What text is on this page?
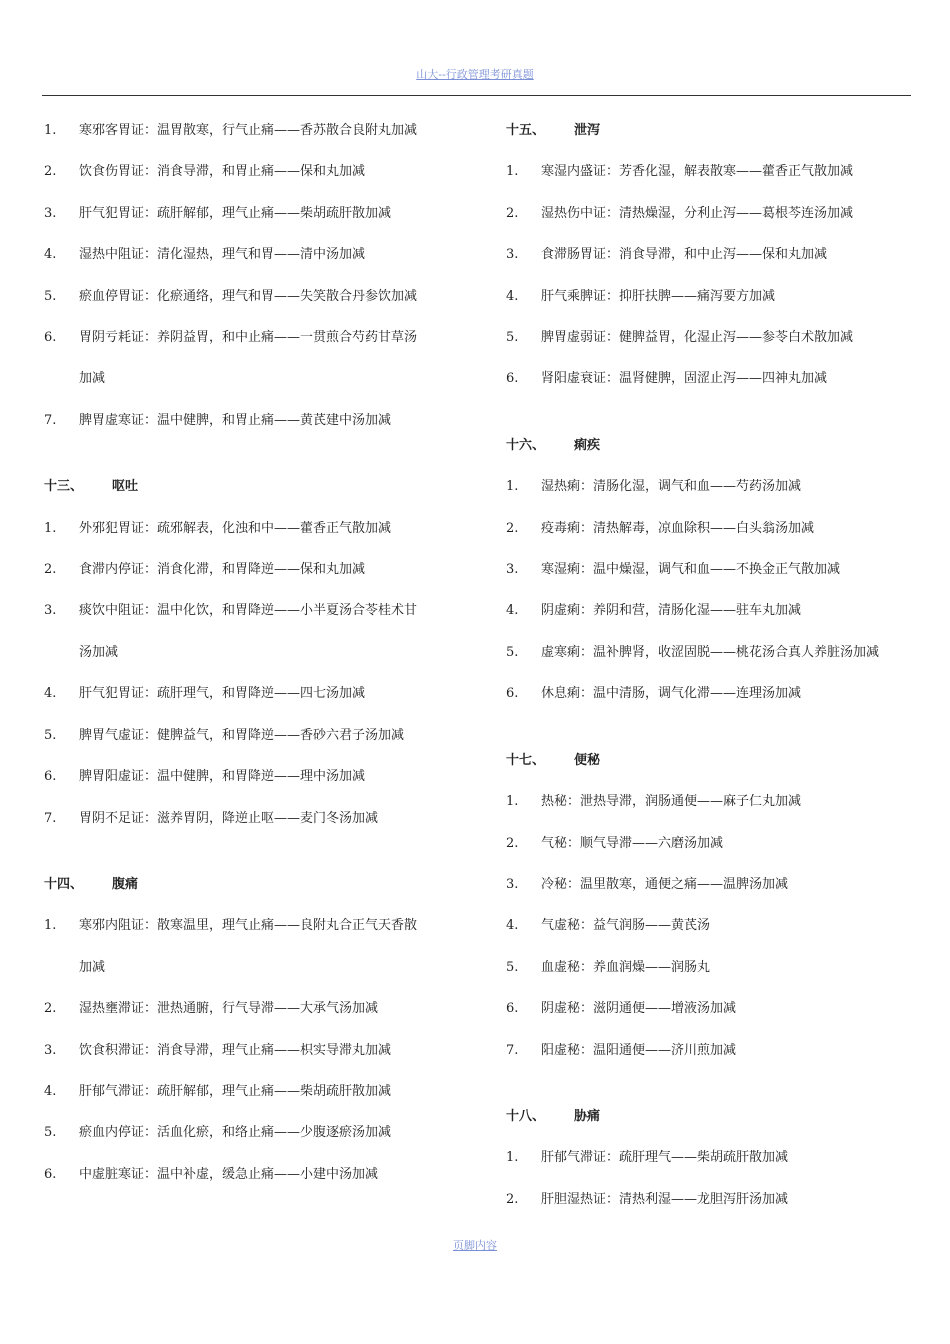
山大--行政管理考研真题
1.	寒邪客胃证：温胃散寒，行气止痛——香苏散合良附丸加减
2.	饮食伤胃证：消食导滞，和胃止痛——保和丸加减
3.	肝气犯胃证：疏肝解郁，理气止痛——柴胡疏肝散加减
4.	湿热中阻证：清化湿热，理气和胃——清中汤加减
5.	瘀血停胃证：化瘀通络，理气和胃——失笑散合丹参饮加减
6.	胃阴亏耗证：养阴益胃，和中止痛——一贯煎合芍药甘草汤
加减
7.	脾胃虚寒证：温中健脾，和胃止痛——黄芪建中汤加减
十三、	呕吐
1.	外邪犯胃证：疏邪解表，化浊和中——藿香正气散加减
2.	食滞内停证：消食化滞，和胃降逆——保和丸加减
3.	痰饮中阻证：温中化饮，和胃降逆——小半夏汤合苓桂术甘
汤加减
4.	肝气犯胃证：疏肝理气，和胃降逆——四七汤加减
5.	脾胃气虚证：健脾益气，和胃降逆——香砂六君子汤加减
6.	脾胃阳虚证：温中健脾，和胃降逆——理中汤加减
7.	胃阴不足证：滋养胃阴，降逆止呕——麦门冬汤加减
十四、	腹痛
1.	寒邪内阻证：散寒温里，理气止痛——良附丸合正气天香散
加减
2.	湿热壅滞证：泄热通腑，行气导滞——大承气汤加减
3.	饮食积滞证：消食导滞，理气止痛——枳实导滞丸加减
4.	肝郁气滞证：疏肝解郁，理气止痛——柴胡疏肝散加减
5.	瘀血内停证：活血化瘀，和络止痛——少腹逐瘀汤加减
6.	中虚脏寒证：温中补虚，缓急止痛——小建中汤加减
十五、	泄泻
1.	寒湿内盛证：芳香化湿，解表散寒——藿香正气散加减
2.	湿热伤中证：清热燥湿，分利止泻——葛根芩连汤加减
3.	食滞肠胃证：消食导滞，和中止泻——保和丸加减
4.	肝气乘脾证：抑肝扶脾——痛泻要方加减
5.	脾胃虚弱证：健脾益胃，化湿止泻——参苓白术散加减
6.	肾阳虚衰证：温肾健脾，固涩止泻——四神丸加减
十六、	痢疾
1.	湿热痢：清肠化湿，调气和血——芍药汤加减
2.	疫毒痢：清热解毒，凉血除积——白头翁汤加减
3.	寒湿痢：温中燥湿，调气和血——不换金正气散加减
4.	阴虚痢：养阴和营，清肠化湿——驻车丸加减
5.	虚寒痢：温补脾肾，收涩固脱——桃花汤合真人养脏汤加减
6.	休息痢：温中清肠，调气化滞——连理汤加减
十七、	便秘
1.	热秘：泄热导滞，润肠通便——麻子仁丸加减
2.	气秘：顺气导滞——六磨汤加减
3.	冷秘：温里散寒，通便之痛——温脾汤加减
4.	气虚秘：益气润肠——黄芪汤
5.	血虚秘：养血润燥——润肠丸
6.	阴虚秘：滋阴通便——增液汤加减
7.	阳虚秘：温阳通便——济川煎加减
十八、	胁痛
1.	肝郁气滞证：疏肝理气——柴胡疏肝散加减
2.	肝胆湿热证：清热利湿——龙胆泻肝汤加减
页脚内容
